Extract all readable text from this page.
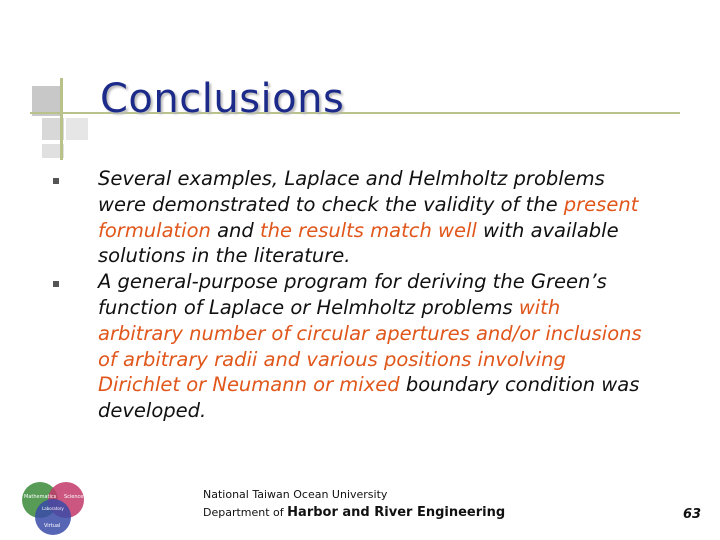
Conclusions
Several examples, Laplace and Helmholtz problems were demonstrated to check the validity of the present formulation and the results match well with available solutions in the literature.
A general-purpose program for deriving the Green’s function of Laplace or Helmholtz problems with arbitrary number of circular apertures and/or inclusions of arbitrary radii and various positions involving Dirichlet or Neumann or mixed boundary condition was developed.
Mathematics Science
Laboratory
Virtual
National Taiwan Ocean University
Department of Harbor and River Engineering	63
